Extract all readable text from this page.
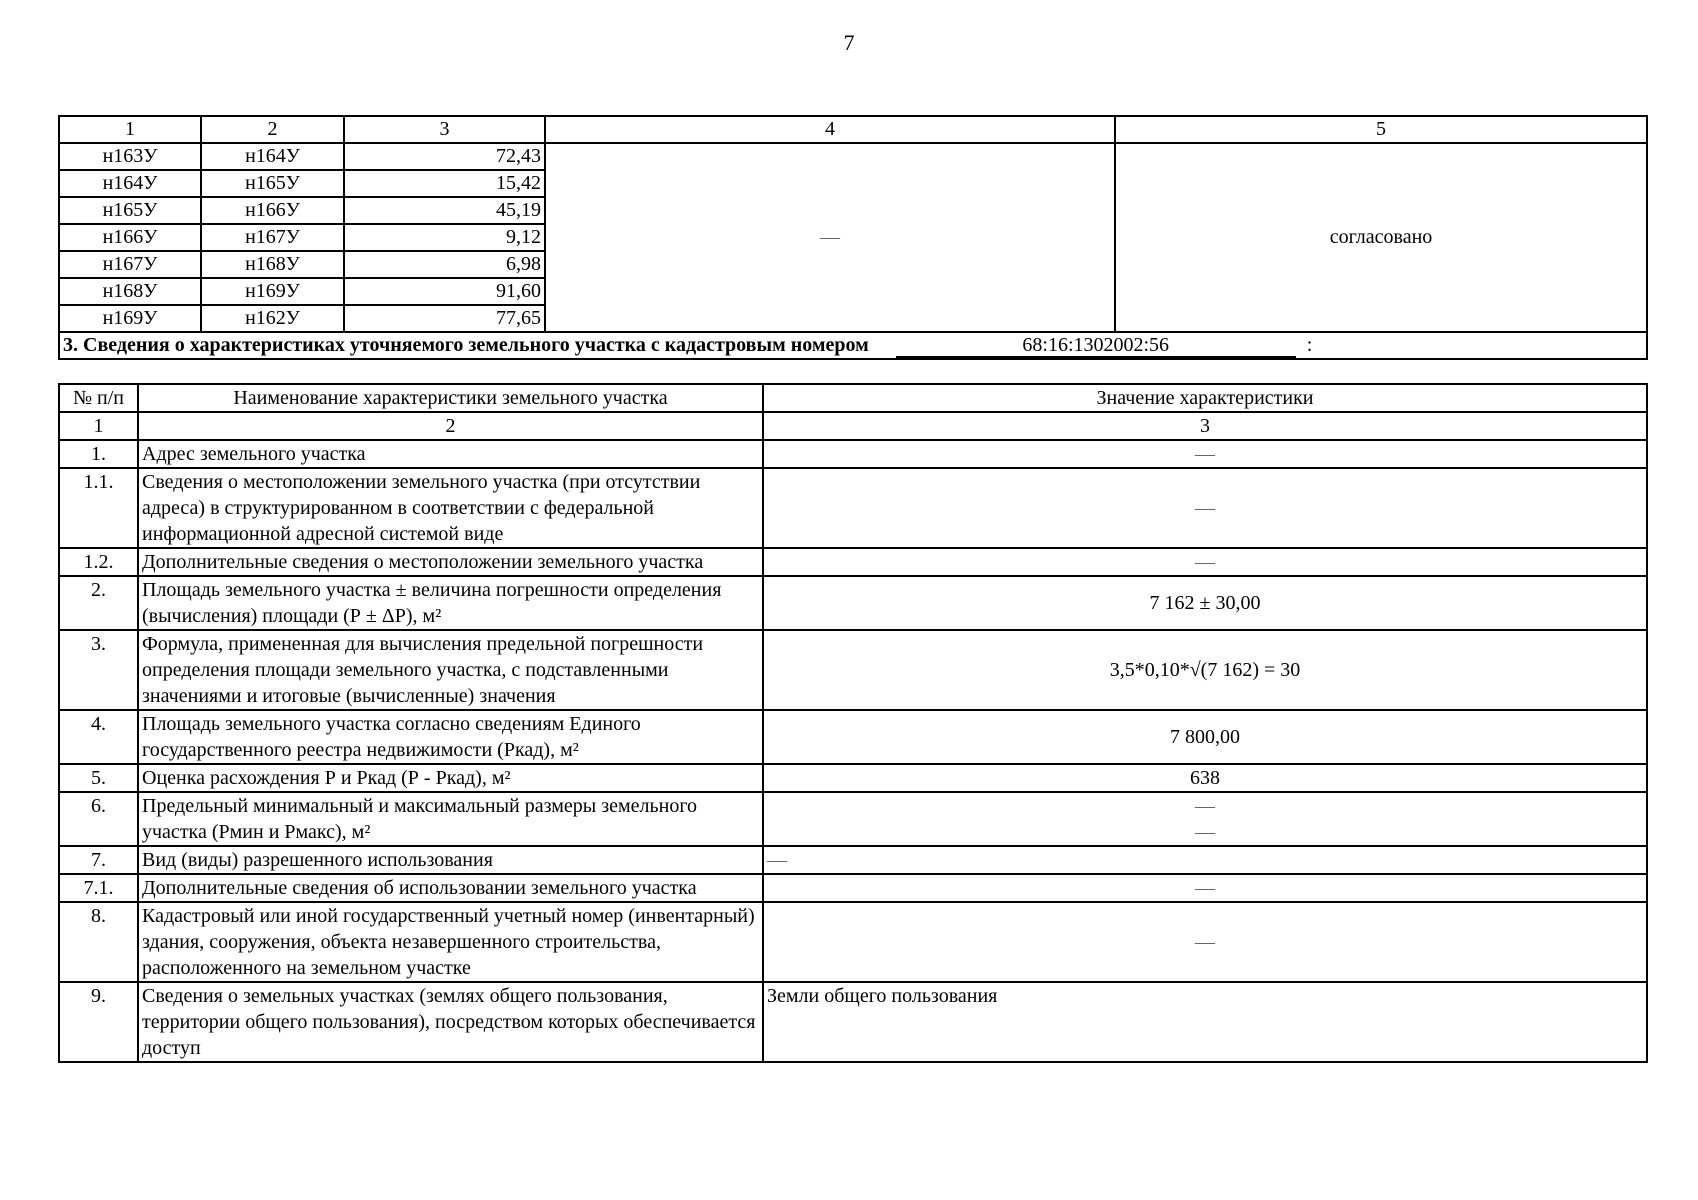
7
1	2	3	4	5
н163У	н164У	72,43	—	согласовано
н164У	н165У	15,42		
н165У	н166У	45,19		
н166У	н167У	9,12		
н167У	н168У	6,98		
н168У	н169У	91,60		
н169У	н162У	77,65		
3. Сведения о характеристиках уточняемого земельного участка с кадастровым номером 68:16:1302002:56 :				
№ п/п	Наименование характеристики земельного участка	Значение характеристики
1	2	3
1.	Адрес земельного участка	—
1.1.	Сведения о местоположении земельного участка (при отсутствии адреса) в структурированном в соответствии с федеральной информационной адресной системой виде	—
1.2.	Дополнительные сведения о местоположении земельного участка	—
2.	Площадь земельного участка ± величина погрешности определения (вычисления) площади (Р ± ΔР), м²	7 162 ± 30,00
3.	Формула, примененная для вычисления предельной погрешности определения площади земельного участка, с подставленными значениями и итоговые (вычисленные) значения	3,5*0,10*√(7 162) = 30
4.	Площадь земельного участка согласно сведениям Единого государственного реестра недвижимости (Ркад), м²	7 800,00
5.	Оценка расхождения Р и Ркад (Р - Ркад), м²	638
6.	Предельный минимальный и максимальный размеры земельного участка (Рмин и Рмакс), м²	—
—

7.	Вид (виды) разрешенного использования	—
7.1.	Дополнительные сведения об использовании земельного участка	—
8.	Кадастровый или иной государственный учетный номер (инвентарный) здания, сооружения, объекта незавершенного строительства, расположенного на земельном участке	—
9.	Сведения о земельных участках (землях общего пользования, территории общего пользования), посредством которых обеспечивается доступ	Земли общего пользования
